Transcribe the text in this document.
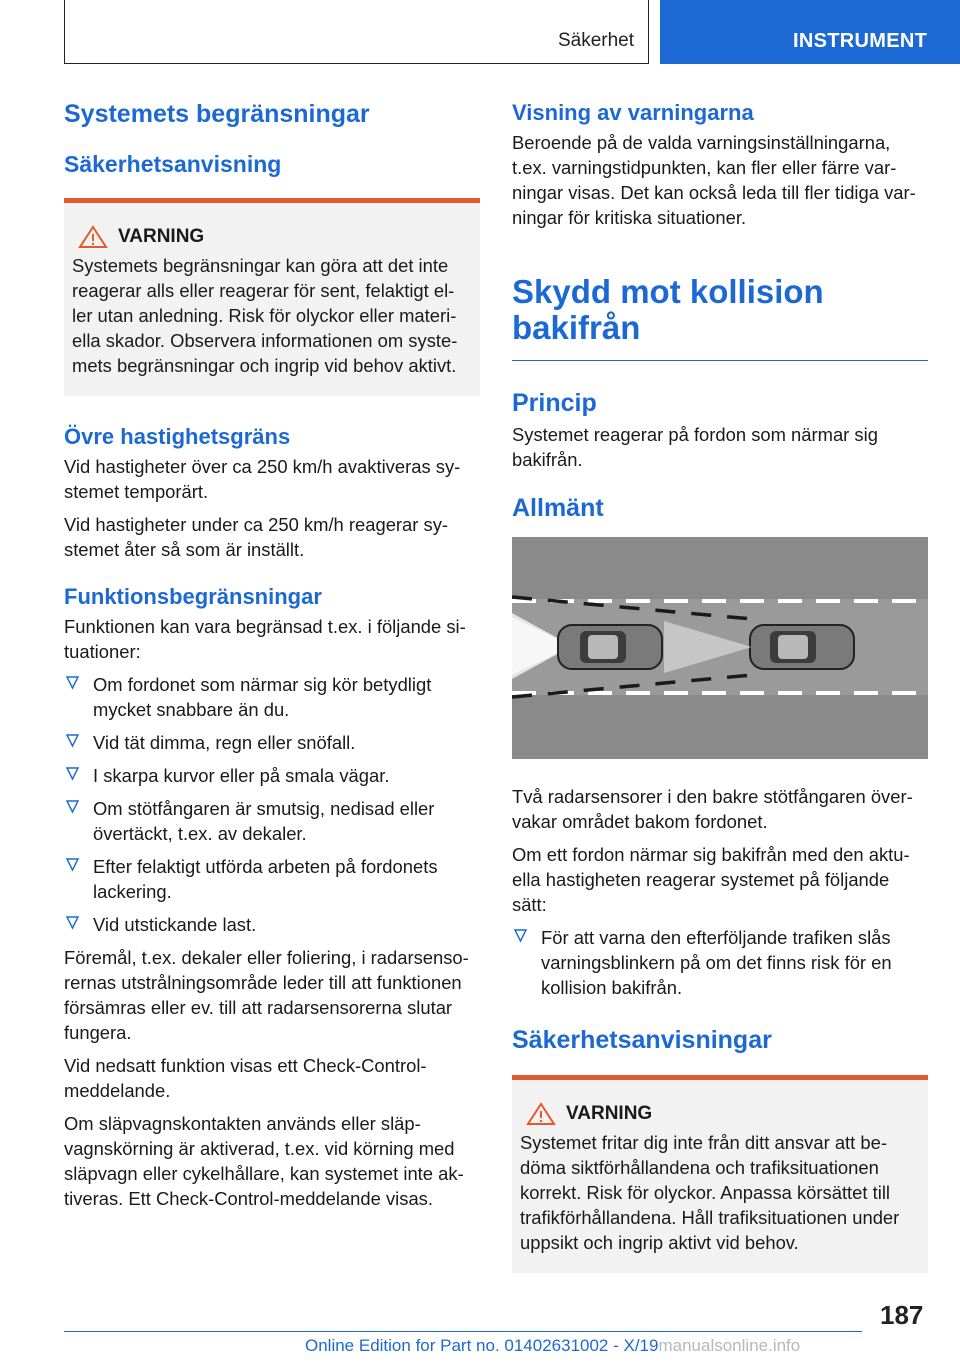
Säkerhet	INSTRUMENT
Systemets begränsningar
Säkerhetsanvisning
VARNING

Systemets begränsningar kan göra att det inte reagerar alls eller reagerar för sent, felaktigt eller utan anledning. Risk för olyckor eller materiella skador. Observera informationen om systemets begränsningar och ingrip vid behov aktivt.

Övre hastighetsgräns

Vid hastigheter över ca 250 km/h avaktiveras systemet temporärt.

Vid hastigheter under ca 250 km/h reagerar systemet åter så som är inställt.

Funktionsbegränsningar

Funktionen kan vara begränsad t.ex. i följande situationer:

Om fordonet som närmar sig kör betydligt mycket snabbare än du.
Vid tät dimma, regn eller snöfall.
I skarpa kurvor eller på smala vägar.
Om stötfångaren är smutsig, nedisad eller övertäckt, t.ex. av dekaler.
Efter felaktigt utförda arbeten på fordonets lackering.
Vid utstickande last.

Föremål, t.ex. dekaler eller foliering, i radarsensorernas utstrålningsområde leder till att funktionen försämras eller ev. till att radarsensorerna slutar fungera.

Vid nedsatt funktion visas ett Check-Control-meddelande.

Om släpvagnskontakten används eller släpvagnskörning är aktiverad, t.ex. vid körning med släpvagn eller cykelhållare, kan systemet inte aktiveras. Ett Check-Control-meddelande visas.

Visning av varningarna

Beroende på de valda varningsinställningarna, t.ex. varningstidpunkten, kan fler eller färre varningar visas. Det kan också leda till fler tidiga varningar för kritiska situationer.

Skydd mot kollision bakifrån
Princip

Systemet reagerar på fordon som närmar sig bakifrån.

Allmänt

Två radarsensorer i den bakre stötfångaren övervakar området bakom fordonet.

Om ett fordon närmar sig bakifrån med den aktuella hastigheten reagerar systemet på följande sätt:

För att varna den efterföljande trafiken slås varningsblinkern på om det finns risk för en kollision bakifrån.
Säkerhetsanvisningar
VARNING

Systemet fritar dig inte från ditt ansvar att bedöma siktförhållandena och trafiksituationen korrekt. Risk för olyckor. Anpassa körsättet till trafikförhållandena. Håll trafiksituationen under uppsikt och ingrip aktivt vid behov.

187
Online Edition for Part no. 01402631002 - X/19manualsonline.info
